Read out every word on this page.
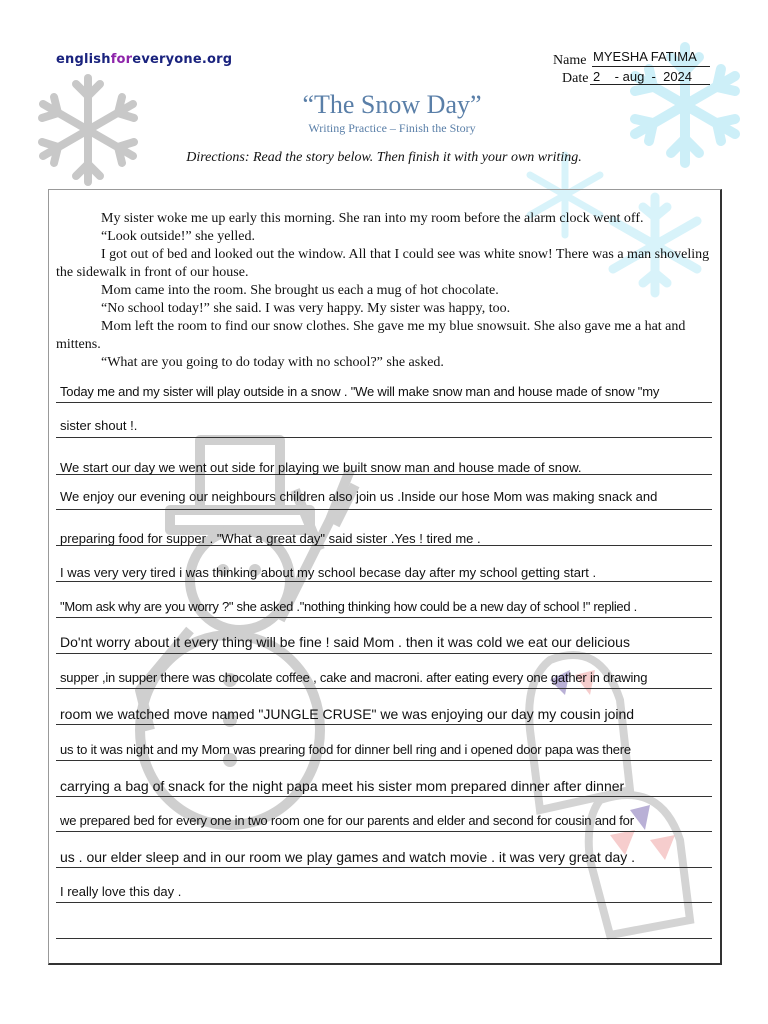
englishforeveryone.org	Name MYESHA FATIMA
Date 2    - aug  -  2024
“The Snow Day”
Writing Practice – Finish the Story
Directions: Read the story below. Then finish it with your own writing.

My sister woke me up early this morning. She ran into my room before the alarm clock went off.

“Look outside!” she yelled.

I got out of bed and looked out the window. All that I could see was white snow! There was a man shoveling the sidewalk in front of our house.

Mom came into the room. She brought us each a mug of hot chocolate.

“No school today!” she said. I was very happy. My sister was happy, too.

Mom left the room to find our snow clothes. She gave me my blue snowsuit. She also gave me a hat and mittens.

“What are you going to do today with no school?” she asked.

Today me and my sister will play outside in a snow . "We will make snow man and house made of snow "my
sister shout !.
We start our day we went out side for playing we built snow man and house made of snow.
We enjoy our evening our neighbours children also join us .Inside our hose Mom was making snack and
preparing food for supper . "What a great day" said sister .Yes ! tired me .
I was very very tired i was thinking about my school becase day after my school getting start .
"Mom ask why are you worry ?" she asked ."nothing thinking how could be a new day of school !" replied .
Do'nt worry about it every thing will be fine ! said Mom . then it was cold we eat our delicious
supper ,in supper there was chocolate coffee , cake and macroni. after eating every one gather in drawing
room we watched move named "JUNGLE CRUSE" we was enjoying our day my cousin joind
us to it was night and my Mom was prearing food for dinner bell ring and i opened door papa was there
carrying a bag of snack for the night papa meet his sister mom prepared dinner after dinner
we prepared bed for every one in two room one for our parents and elder and second for cousin and for
us . our elder sleep and in our room we play games and watch movie . it was very great day .
I really love this day .
